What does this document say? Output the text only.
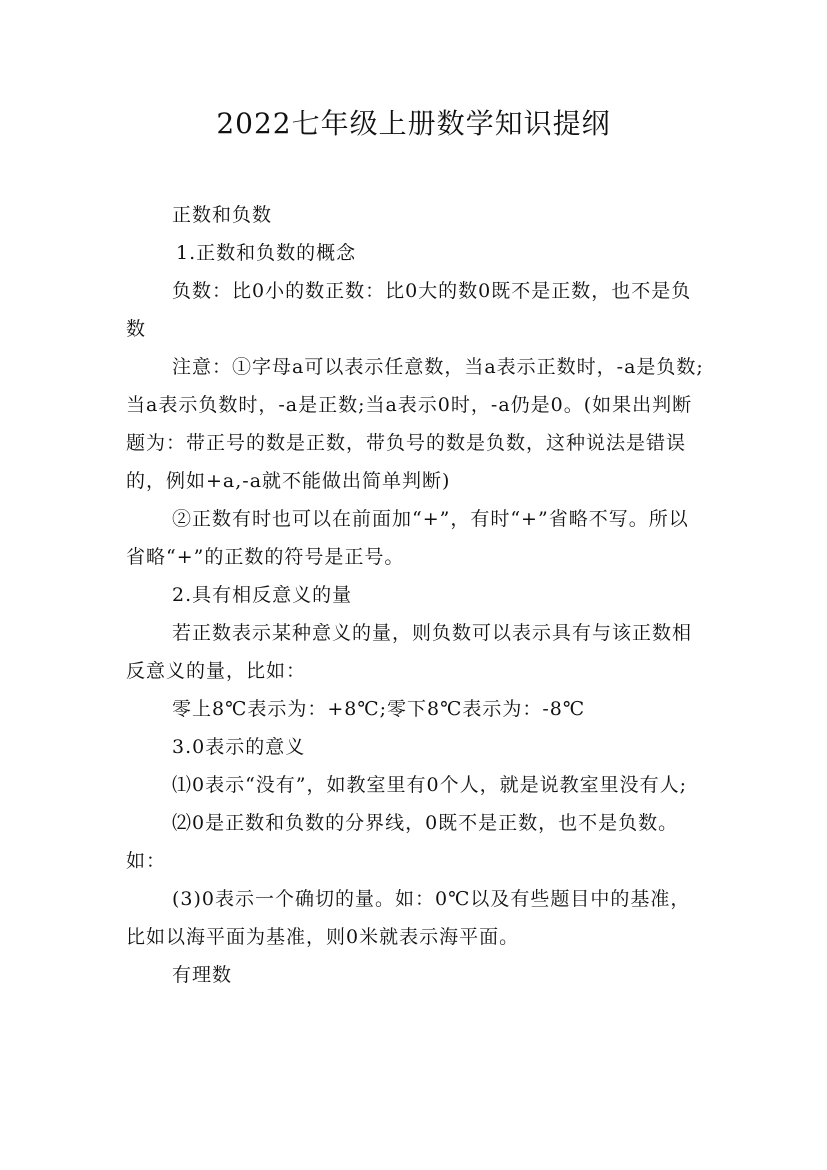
2022七年级上册数学知识提纲

正数和负数

1.正数和负数的概念

负数：比0小的数正数：比0大的数0既不是正数，也不是负数

注意：①字母a可以表示任意数，当a表示正数时，-a是负数;当a表示负数时，-a是正数;当a表示0时，-a仍是0。(如果出判断题为：带正号的数是正数，带负号的数是负数，这种说法是错误的，例如+a,-a就不能做出简单判断)

②正数有时也可以在前面加“+”，有时“+”省略不写。所以省略“+”的正数的符号是正号。

2.具有相反意义的量

若正数表示某种意义的量，则负数可以表示具有与该正数相反意义的量，比如：

零上8℃表示为：+8℃;零下8℃表示为：-8℃

3.0表示的意义

⑴0表示“没有”，如教室里有0个人，就是说教室里没有人;

⑵0是正数和负数的分界线，0既不是正数，也不是负数。如：

(3)0表示一个确切的量。如：0℃以及有些题目中的基准，比如以海平面为基准，则0米就表示海平面。

有理数
